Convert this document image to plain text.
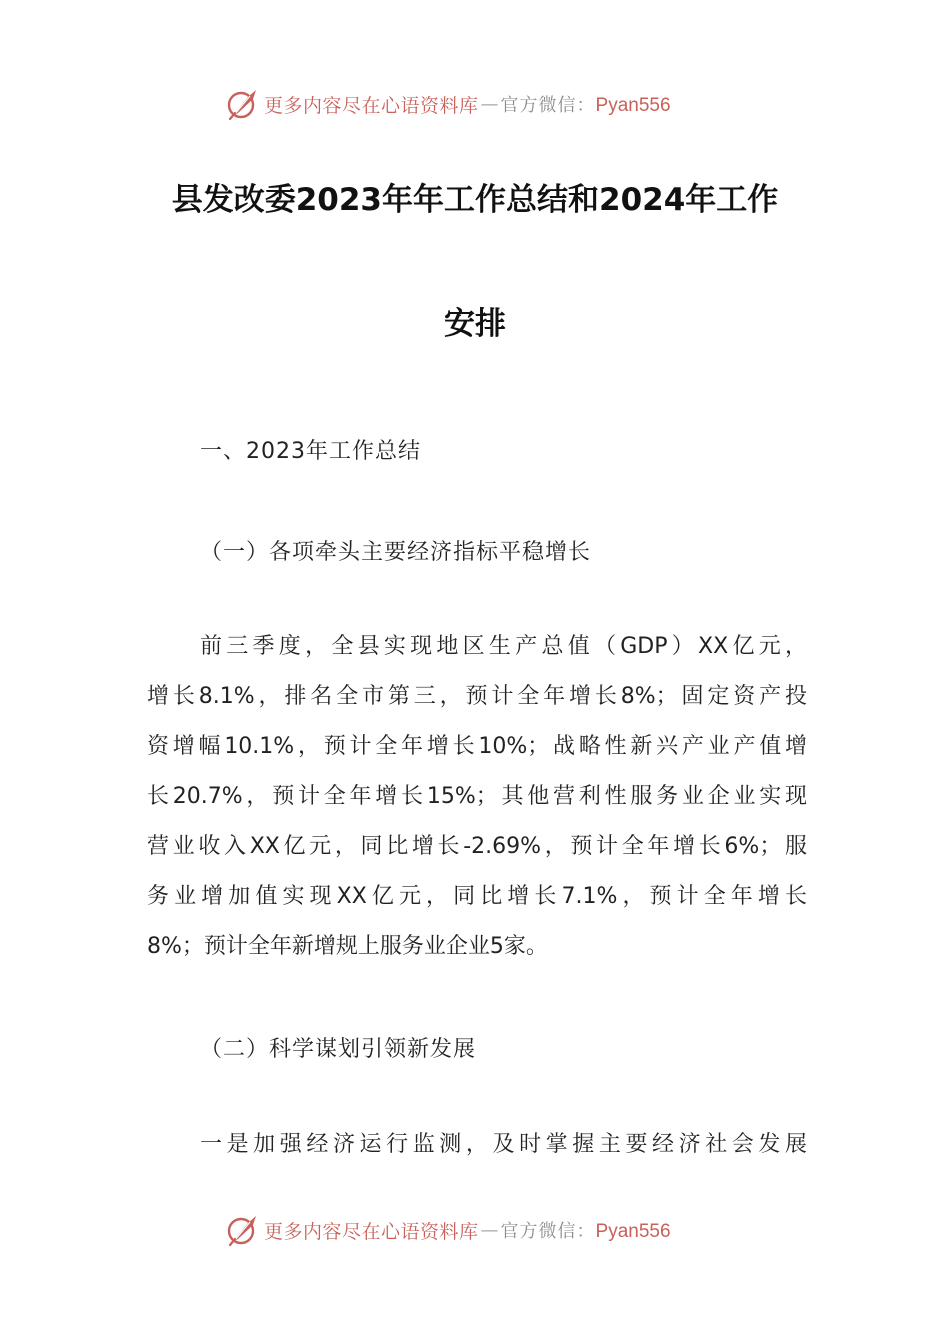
更多内容尽在心语资料库 — 官方微信：Pyan556
县发改委2023年年工作总结和2024年工作
安排
一、2023年工作总结
（一）各项牵头主要经济指标平稳增长
前三季度，全县实现地区生产总值（GDP）XX亿元，
增长8.1%，排名全市第三，预计全年增长8%；固定资产投
资增幅10.1%，预计全年增长10%；战略性新兴产业产值增
长20.7%，预计全年增长15%；其他营利性服务业企业实现
营业收入XX亿元，同比增长-2.69%，预计全年增长6%；服
务业增加值实现XX亿元，同比增长7.1%，预计全年增长
8%；预计全年新增规上服务业企业5家。
（二）科学谋划引领新发展
一是加强经济运行监测，及时掌握主要经济社会发展
更多内容尽在心语资料库 — 官方微信：Pyan556
